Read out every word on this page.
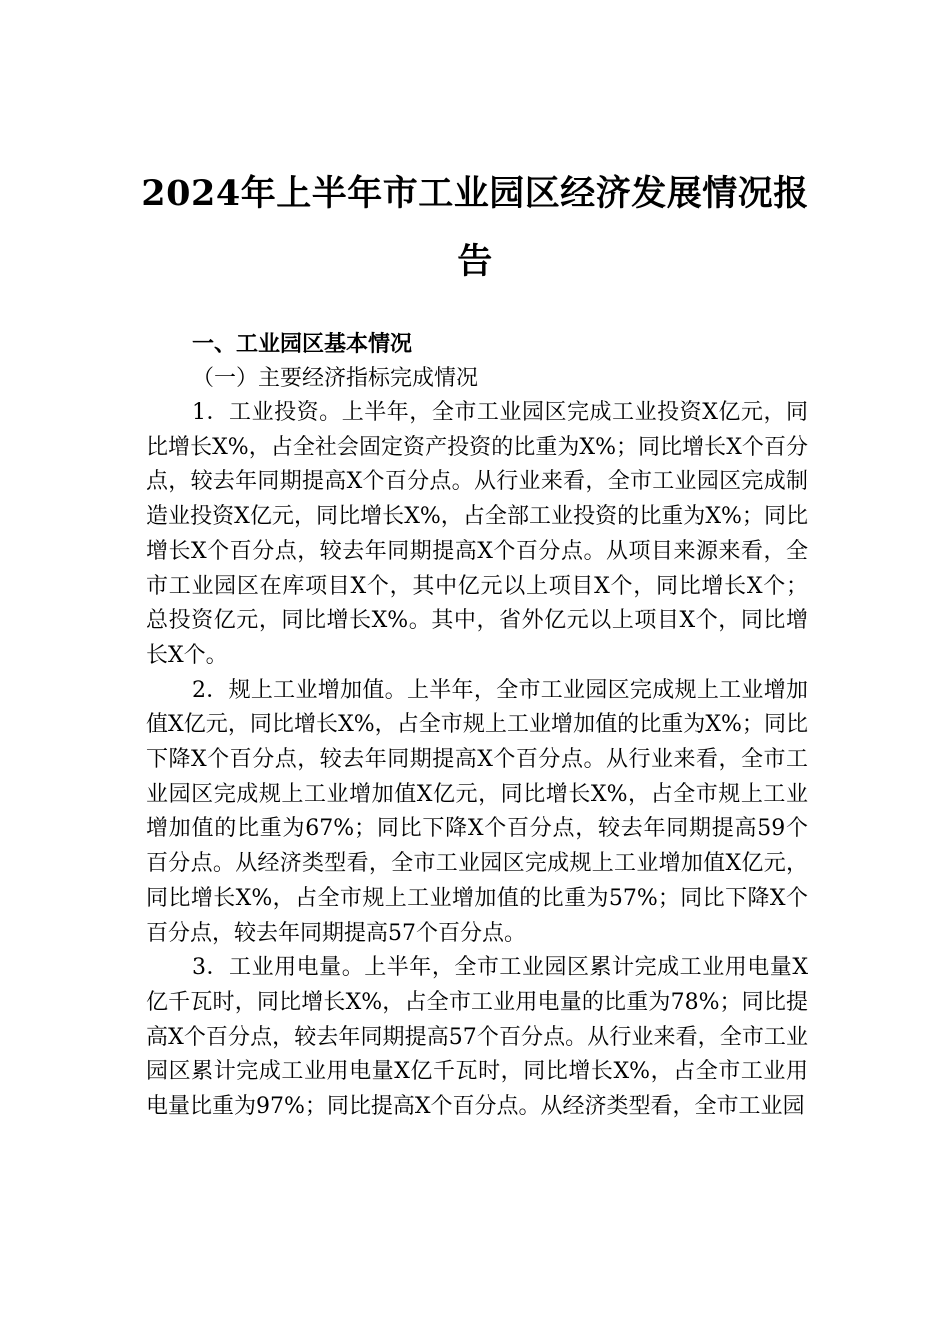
2024年上半年市工业园区经济发展情况报告

一、工业园区基本情况

（一）主要经济指标完成情况

1．工业投资。上半年，全市工业园区完成工业投资X亿元，同比增长X%，占全社会固定资产投资的比重为X%；同比增长X个百分点，较去年同期提高X个百分点。从行业来看，全市工业园区完成制造业投资X亿元，同比增长X%，占全部工业投资的比重为X%；同比增长X个百分点，较去年同期提高X个百分点。从项目来源来看，全市工业园区在库项目X个，其中亿元以上项目X个，同比增长X个；总投资亿元，同比增长X%。其中，省外亿元以上项目X个，同比增长X个。

2．规上工业增加值。上半年，全市工业园区完成规上工业增加值X亿元，同比增长X%，占全市规上工业增加值的比重为X%；同比下降X个百分点，较去年同期提高X个百分点。从行业来看，全市工业园区完成规上工业增加值X亿元，同比增长X%，占全市规上工业增加值的比重为67%；同比下降X个百分点，较去年同期提高59个百分点。从经济类型看，全市工业园区完成规上工业增加值X亿元，同比增长X%，占全市规上工业增加值的比重为57%；同比下降X个百分点，较去年同期提高57个百分点。

3．工业用电量。上半年，全市工业园区累计完成工业用电量X亿千瓦时，同比增长X%，占全市工业用电量的比重为78%；同比提高X个百分点，较去年同期提高57个百分点。从行业来看，全市工业园区累计完成工业用电量X亿千瓦时，同比增长X%，占全市工业用电量比重为97%；同比提高X个百分点。从经济类型看，全市工业园
